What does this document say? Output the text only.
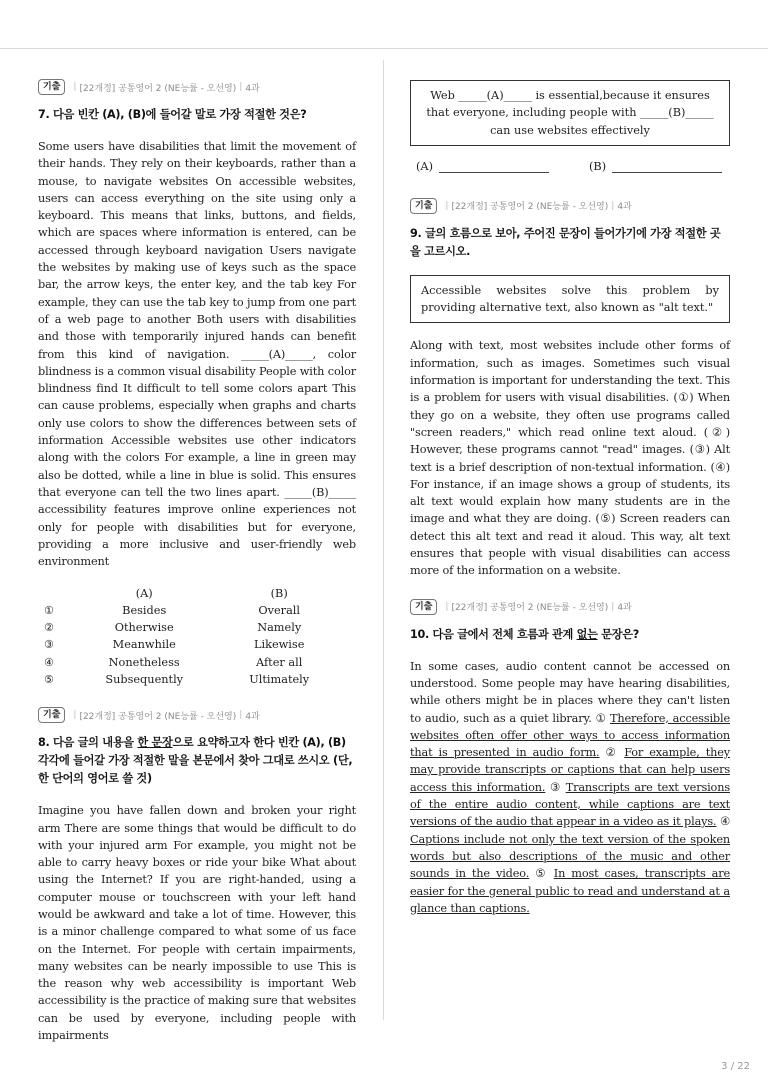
기출	| [22개정] 공통영어 2 (NE능률 - 오선영) | 4과
7. 다음 빈칸 (A), (B)에 들어갈 말로 가장 적절한 것은?
Some users have disabilities that limit the movement of their hands. They rely on their keyboards, rather than a mouse, to navigate websites On accessible websites, users can access everything on the site using only a keyboard. This means that links, buttons, and fields, which are spaces where information is entered, can be accessed through keyboard navigation Users navigate the websites by making use of keys such as the space bar, the arrow keys, the enter key, and the tab key For example, they can use the tab key to jump from one part of a web page to another Both users with disabilities and those with temporarily injured hands can benefit from this kind of navigation. _____(A)_____, color blindness is a common visual disability People with color blindness find It difficult to tell some colors apart This can cause problems, especially when graphs and charts only use colors to show the differences between sets of information Accessible websites use other indicators along with the colors For example, a line in green may also be dotted, while a line in blue is solid. This ensures that everyone can tell the two lines apart. _____(B)_____ accessibility features improve online experiences not only for people with disabilities but for everyone, providing a more inclusive and user-friendly web environment
	(A)	(B)
①	Besides	Overall
②	Otherwise	Namely
③	Meanwhile	Likewise
④	Nonetheless	After all
⑤	Subsequently	Ultimately
기출	| [22개정] 공통영어 2 (NE능률 - 오선영) | 4과
8. 다음 글의 내용을 한 문장으로 요약하고자 한다 빈칸 (A), (B) 각각에 들어갈 가장 적절한 말을 본문에서 찾아 그대로 쓰시오 (단, 한 단어의 영어로 쓸 것)
Imagine you have fallen down and broken your right arm There are some things that would be difficult to do with your injured arm For example, you might not be able to carry heavy boxes or ride your bike What about using the Internet? If you are right-handed, using a computer mouse or touchscreen with your left hand would be awkward and take a lot of time. However, this is a minor challenge compared to what some of us face on the Internet. For people with certain impairments, many websites can be nearly impossible to use This is the reason why web accessibility is important Web accessibility is the practice of making sure that websites can be used by everyone, including people with impairments
Web _____(A)_____ is essential,because it ensures that everyone, including people with _____(B)_____ can use websites effectively
(A)	(B)
기출	| [22개정] 공통영어 2 (NE능률 - 오선영) | 4과
9. 글의 흐름으로 보아, 주어진 문장이 들어가기에 가장 적절한 곳을 고르시오.
Accessible websites solve this problem by providing alternative text, also known as "alt text."
Along with text, most websites include other forms of information, such as images. Sometimes such visual information is important for understanding the text. This is a problem for users with visual disabilities. (①) When they go on a website, they often use programs called "screen readers," which read online text aloud. (②) However, these programs cannot "read" images. (③) Alt text is a brief description of non-textual information. (④) For instance, if an image shows a group of students, its alt text would explain how many students are in the image and what they are doing. (⑤) Screen readers can detect this alt text and read it aloud. This way, alt text ensures that people with visual disabilities can access more of the information on a website.
기출	| [22개정] 공통영어 2 (NE능률 - 오선영) | 4과
10. 다음 글에서 전체 흐름과 관계 없는 문장은?
In some cases, audio content cannot be accessed on understood. Some people may have hearing disabilities, while others might be in places where they can't listen to audio, such as a quiet library. ① Therefore, accessible websites often offer other ways to access information that is presented in audio form. ② For example, they may provide transcripts or captions that can help users access this information. ③ Transcripts are text versions of the entire audio content, while captions are text versions of the audio that appear in a video as it plays. ④ Captions include not only the text version of the spoken words but also descriptions of the music and other sounds in the video. ⑤ In most cases, transcripts are easier for the general public to read and understand at a glance than captions.
3 / 22
